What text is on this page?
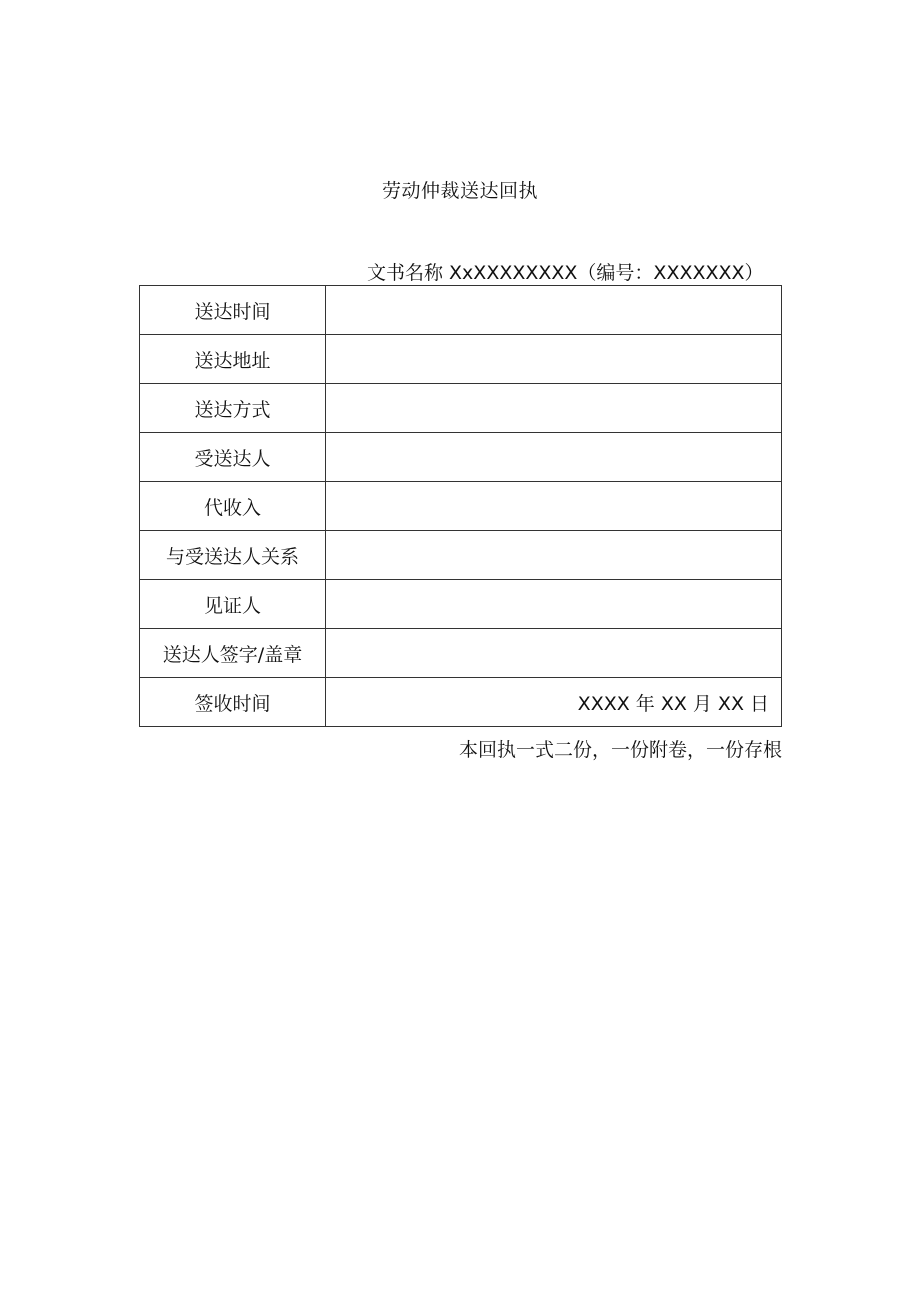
劳动仲裁送达回执
文书名称 XxXXXXXXXX（编号：XXXXXXX）
送达时间	
送达地址	
送达方式	
受送达人	
代收入	
与受送达人关系	
见证人	
送达人签字/盖章	
签收时间	XXXX 年 XX 月 XX 日
本回执一式二份，一份附卷，一份存根
